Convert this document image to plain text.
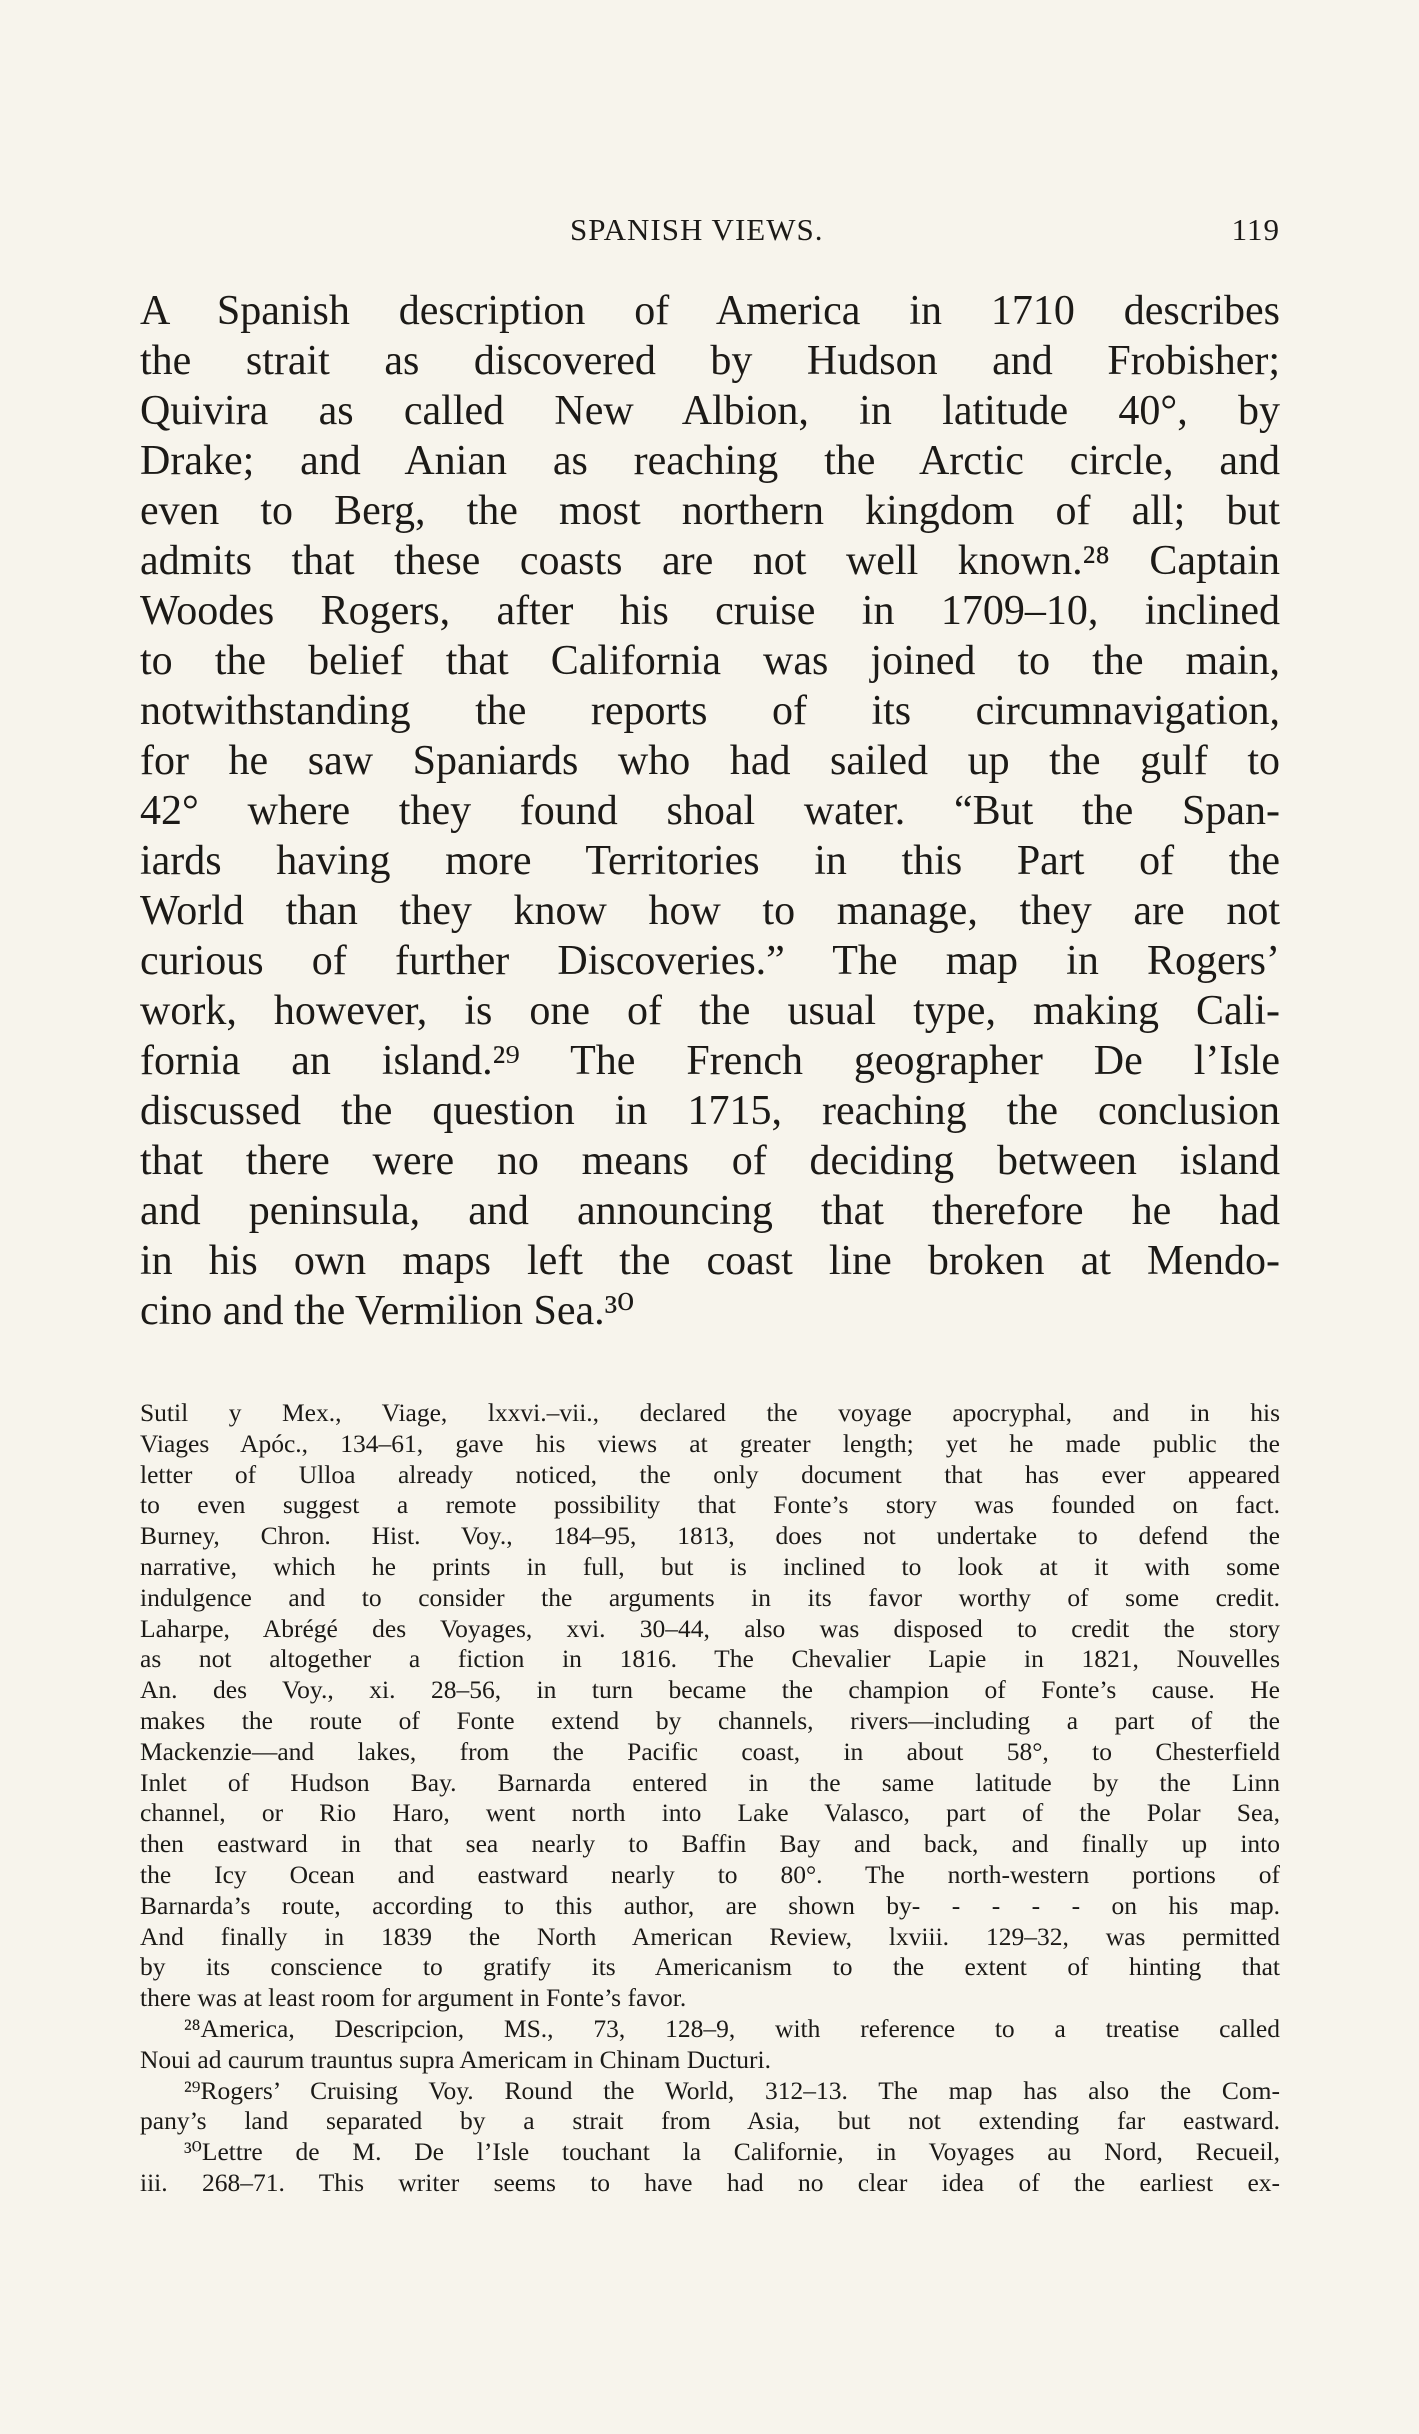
SPANISH VIEWS.	119
A Spanish description of America in 1710 describes
the strait as discovered by Hudson and Frobisher;
Quivira as called New Albion, in latitude 40°, by
Drake; and Anian as reaching the Arctic circle, and
even to Berg, the most northern kingdom of all; but
admits that these coasts are not well known.²⁸ Captain
Woodes Rogers, after his cruise in 1709–10, inclined
to the belief that California was joined to the main,
notwithstanding the reports of its circumnavigation,
for he saw Spaniards who had sailed up the gulf to
42° where they found shoal water. “But the Span-
iards having more Territories in this Part of the
World than they know how to manage, they are not
curious of further Discoveries.” The map in Rogers’
work, however, is one of the usual type, making Cali-
fornia an island.²⁹ The French geographer De l’Isle
discussed the question in 1715, reaching the conclusion
that there were no means of deciding between island
and peninsula, and announcing that therefore he had
in his own maps left the coast line broken at Mendo-
cino and the Vermilion Sea.³⁰
Sutil y Mex., Viage, lxxvi.–vii., declared the voyage apocryphal, and in his
Viages Apóc., 134–61, gave his views at greater length; yet he made public the
letter of Ulloa already noticed, the only document that has ever appeared
to even suggest a remote possibility that Fonte’s story was founded on fact.
Burney, Chron. Hist. Voy., 184–95, 1813, does not undertake to defend the
narrative, which he prints in full, but is inclined to look at it with some
indulgence and to consider the arguments in its favor worthy of some credit.
Laharpe, Abrégé des Voyages, xvi. 30–44, also was disposed to credit the story
as not altogether a fiction in 1816. The Chevalier Lapie in 1821, Nouvelles
An. des Voy., xi. 28–56, in turn became the champion of Fonte’s cause. He
makes the route of Fonte extend by channels, rivers—including a part of the
Mackenzie—and lakes, from the Pacific coast, in about 58°, to Chesterfield
Inlet of Hudson Bay. Barnarda entered in the same latitude by the Linn
channel, or Rio Haro, went north into Lake Valasco, part of the Polar Sea,
then eastward in that sea nearly to Baffin Bay and back, and finally up into
the Icy Ocean and eastward nearly to 80°. The north-western portions of
Barnarda’s route, according to this author, are shown by- - - - - on his map.
And finally in 1839 the North American Review, lxviii. 129–32, was permitted
by its conscience to gratify its Americanism to the extent of hinting that
there was at least room for argument in Fonte’s favor.
²⁸America, Descripcion, MS., 73, 128–9, with reference to a treatise called
Noui ad caurum trauntus supra Americam in Chinam Ducturi.
²⁹Rogers’ Cruising Voy. Round the World, 312–13. The map has also the Com-
pany’s land separated by a strait from Asia, but not extending far eastward.
³⁰Lettre de M. De l’Isle touchant la Californie, in Voyages au Nord, Recueil,
iii. 268–71. This writer seems to have had no clear idea of the earliest ex-
